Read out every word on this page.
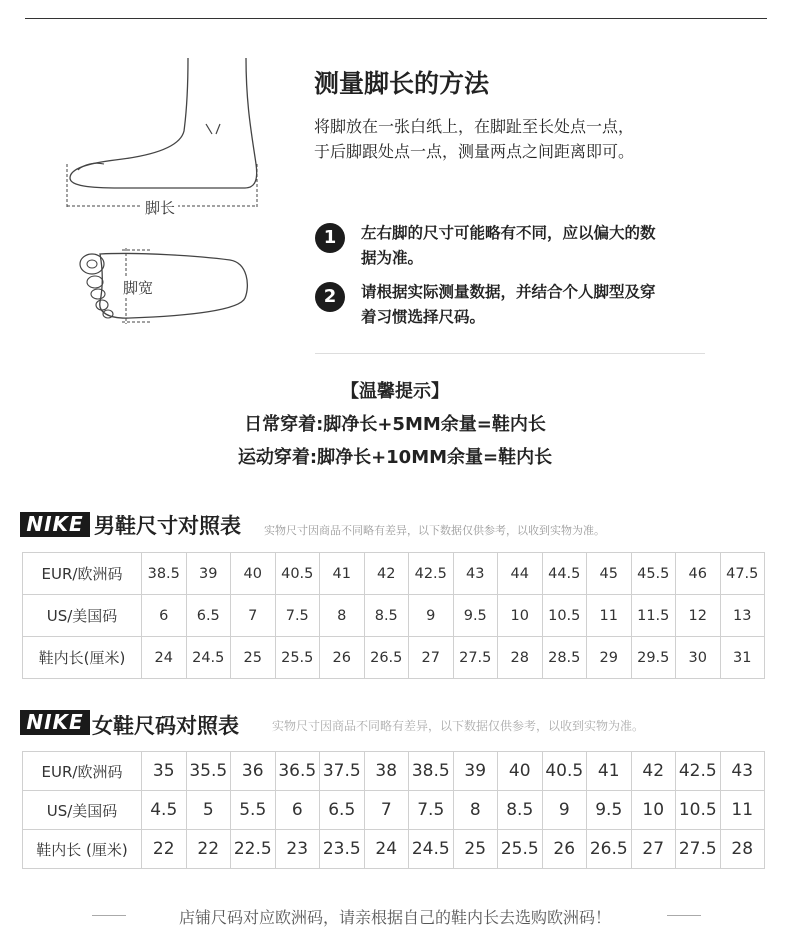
脚长
脚宽
测量脚长的方法
将脚放在一张白纸上，在脚趾至长处点一点，
于后脚跟处点一点，测量两点之间距离即可。
1	左右脚的尺寸可能略有不同，应以偏大的数
据为准。
2	请根据实际测量数据，并结合个人脚型及穿
着习惯选择尺码。
【温馨提示】
日常穿着:脚净长+5MM余量=鞋内长
运动穿着:脚净长+10MM余量=鞋内长
NIKE 男鞋尺寸对照表 实物尺寸因商品不同略有差异，以下数据仅供参考，以收到实物为准。
EUR/欧洲码	38.5	39	40	40.5	41	42	42.5	43	44	44.5	45	45.5	46	47.5
US/美国码	6	6.5	7	7.5	8	8.5	9	9.5	10	10.5	11	11.5	12	13
鞋内长(厘米)	24	24.5	25	25.5	26	26.5	27	27.5	28	28.5	29	29.5	30	31
NIKE 女鞋尺码对照表	实物尺寸因商品不同略有差异，以下数据仅供参考，以收到实物为准。
EUR/欧洲码	35	35.5	36	36.5	37.5	38	38.5	39	40	40.5	41	42	42.5	43
US/美国码	4.5	5	5.5	6	6.5	7	7.5	8	8.5	9	9.5	10	10.5	11
鞋内长 (厘米)	22	22	22.5	23	23.5	24	24.5	25	25.5	26	26.5	27	27.5	28
店铺尺码对应欧洲码，请亲根据自己的鞋内长去选购欧洲码！
